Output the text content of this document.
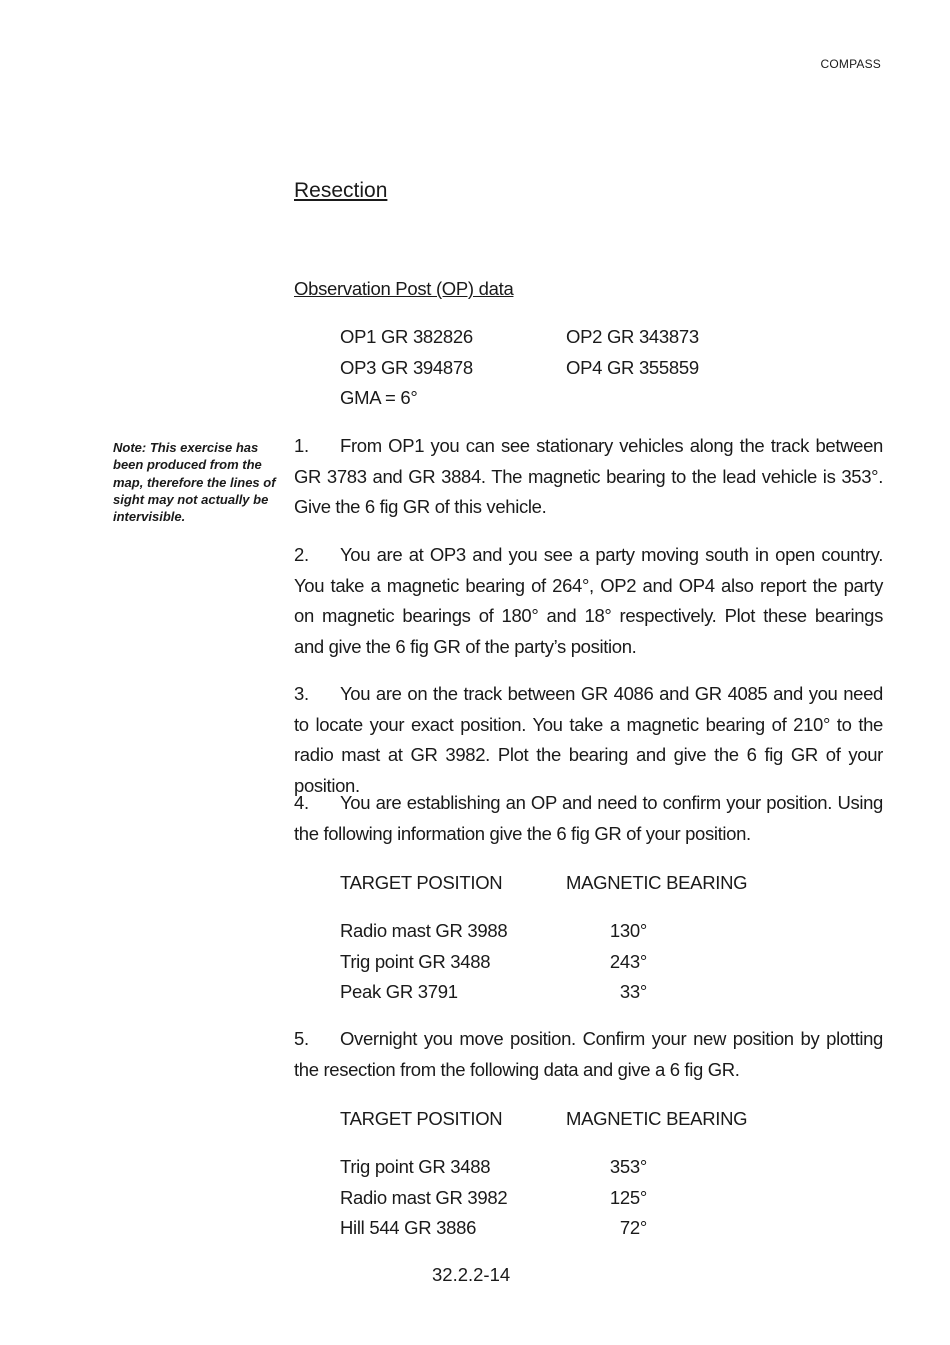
COMPASS
Resection
Observation Post (OP) data
OP1 GR 382826	OP2 GR 343873
OP3 GR 394878	OP4 GR 355859
GMA = 6°
Note: This exercise has been produced from the map, therefore the lines of sight may not actually be intervisible.
1. From OP1 you can see stationary vehicles along the track between GR 3783 and GR 3884. The magnetic bearing to the lead vehicle is 353°. Give the 6 fig GR of this vehicle.
2. You are at OP3 and you see a party moving south in open country. You take a magnetic bearing of 264°, OP2 and OP4 also report the party on magnetic bearings of 180° and 18° respectively. Plot these bearings and give the 6 fig GR of the party’s position.
3. You are on the track between GR 4086 and GR 4085 and you need to locate your exact position. You take a magnetic bearing of 210° to the radio mast at GR 3982. Plot the bearing and give the 6 fig GR of your position.
4. You are establishing an OP and need to confirm your position. Using the following information give the 6 fig GR of your position.
TARGET POSITION	MAGNETIC BEARING
Radio mast GR 3988	130°
Trig point GR 3488	243°
Peak GR 3791	33°
5. Overnight you move position. Confirm your new position by plotting the resection from the following data and give a 6 fig GR.
TARGET POSITION	MAGNETIC BEARING
Trig point GR 3488	353°
Radio mast GR 3982	125°
Hill 544 GR 3886	72°
32.2.2-14
